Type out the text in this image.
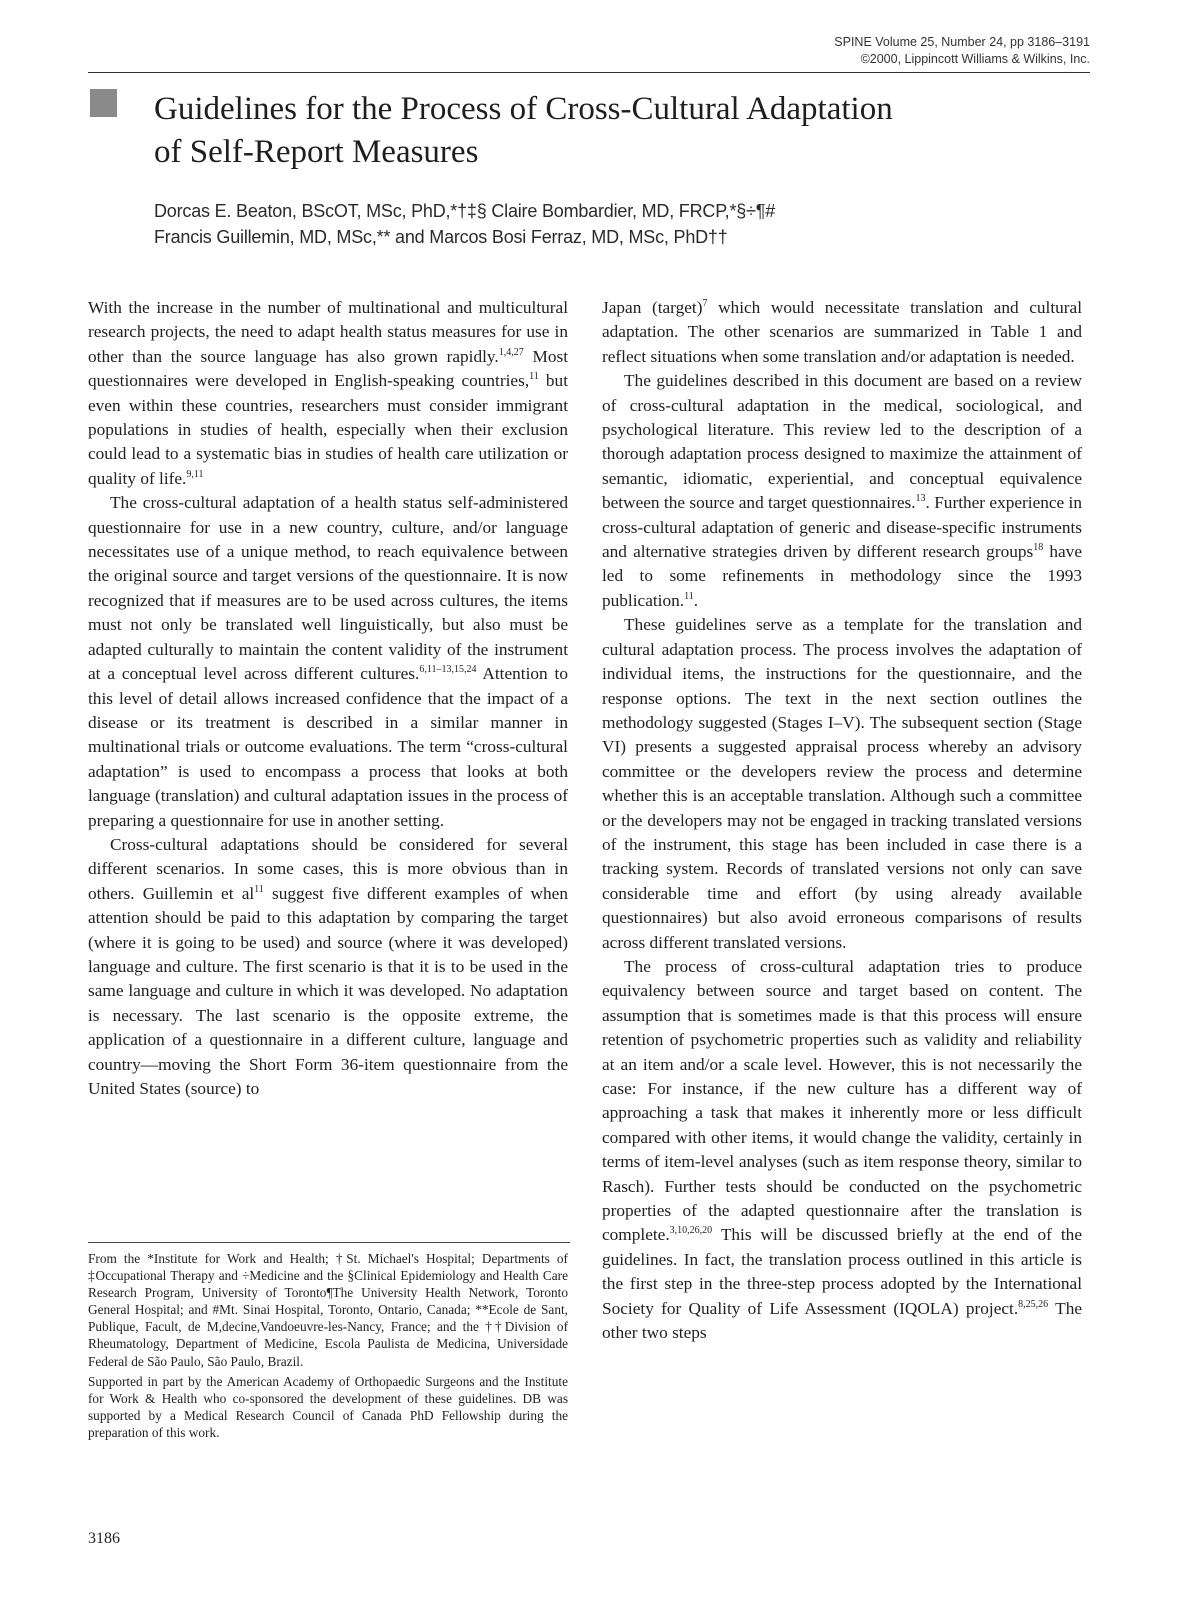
SPINE Volume 25, Number 24, pp 3186–3191
©2000, Lippincott Williams & Wilkins, Inc.
Guidelines for the Process of Cross-Cultural Adaptation
of Self-Report Measures
Dorcas E. Beaton, BScOT, MSc, PhD,*†‡§ Claire Bombardier, MD, FRCP,*§÷¶#
Francis Guillemin, MD, MSc,** and Marcos Bosi Ferraz, MD, MSc, PhD††

With the increase in the number of multinational and multicultural research projects, the need to adapt health status measures for use in other than the source language has also grown rapidly.$^{1,4,27}$ Most questionnaires were developed in English-speaking countries,$^{11}$ but even within these countries, researchers must consider immigrant populations in studies of health, especially when their exclusion could lead to a systematic bias in studies of health care utilization or quality of life.$^{9,11}$

The cross-cultural adaptation of a health status self-administered questionnaire for use in a new country, culture, and/or language necessitates use of a unique method, to reach equivalence between the original source and target versions of the questionnaire. It is now recognized that if measures are to be used across cultures, the items must not only be translated well linguistically, but also must be adapted culturally to maintain the content validity of the instrument at a conceptual level across different cultures.$^{6,11-13,15,24}$ Attention to this level of detail allows increased confidence that the impact of a disease or its treatment is described in a similar manner in multinational trials or outcome evaluations. The term “cross-cultural adaptation” is used to encompass a process that looks at both language (translation) and cultural adaptation issues in the process of preparing a questionnaire for use in another setting.

Cross-cultural adaptations should be considered for several different scenarios. In some cases, this is more obvious than in others. Guillemin et $al^{11}$ suggest five different examples of when attention should be paid to this adaptation by comparing the target (where it is going to be used) and source (where it was developed) language and culture. The first scenario is that it is to be used in the same language and culture in which it was developed. No adaptation is necessary. The last scenario is the opposite extreme, the application of a questionnaire in a different culture, language and country—moving the Short Form 36-item questionnaire from the United States (source) to

Japan (target)$^7$ which would necessitate translation and cultural adaptation. The other scenarios are summarized in Table 1 and reflect situations when some translation and/or adaptation is needed.

The guidelines described in this document are based on a review of cross-cultural adaptation in the medical, sociological, and psychological literature. This review led to the description of a thorough adaptation process designed to maximize the attainment of semantic, idiomatic, experiential, and conceptual equivalence between the source and target questionnaires.$^{13}$. Further experience in cross-cultural adaptation of generic and disease-specific instruments and alternative strategies driven by different research groups$^{18}$ have led to some refinements in methodology since the 1993 publication.$^{11}$.

These guidelines serve as a template for the translation and cultural adaptation process. The process involves the adaptation of individual items, the instructions for the questionnaire, and the response options. The text in the next section outlines the methodology suggested (Stages I–V). The subsequent section (Stage VI) presents a suggested appraisal process whereby an advisory committee or the developers review the process and determine whether this is an acceptable translation. Although such a committee or the developers may not be engaged in tracking translated versions of the instrument, this stage has been included in case there is a tracking system. Records of translated versions not only can save considerable time and effort (by using already available questionnaires) but also avoid erroneous comparisons of results across different translated versions.

The process of cross-cultural adaptation tries to produce equivalency between source and target based on content. The assumption that is sometimes made is that this process will ensure retention of psychometric properties such as validity and reliability at an item and/or a scale level. However, this is not necessarily the case: For instance, if the new culture has a different way of approaching a task that makes it inherently more or less difficult compared with other items, it would change the validity, certainly in terms of item-level analyses (such as item response theory, similar to Rasch). Further tests should be conducted on the psychometric properties of the adapted questionnaire after the translation is complete.$^{3,10,26,20}$ This will be discussed briefly at the end of the guidelines. In fact, the translation process outlined in this article is the first step in the three-step process adopted by the International Society for Quality of Life Assessment (IQOLA) project.$^{8,25,26}$ The other two steps

From the *Institute for Work and Health; †St. Michael's Hospital; Departments of ‡Occupational Therapy and ÷Medicine and the §Clinical Epidemiology and Health Care Research Program, University of Toronto¶The University Health Network, Toronto General Hospital; and #Mt. Sinai Hospital, Toronto, Ontario, Canada; **Ecole de Sant, Publique, Facult, de M,decine,Vandoeuvre-les-Nancy, France; and the ††Division of Rheumatology, Department of Medicine, Escola Paulista de Medicina, Universidade Federal de São Paulo, São Paulo, Brazil.

Supported in part by the American Academy of Orthopaedic Surgeons and the Institute for Work & Health who co-sponsored the development of these guidelines. DB was supported by a Medical Research Council of Canada PhD Fellowship during the preparation of this work.

3186
